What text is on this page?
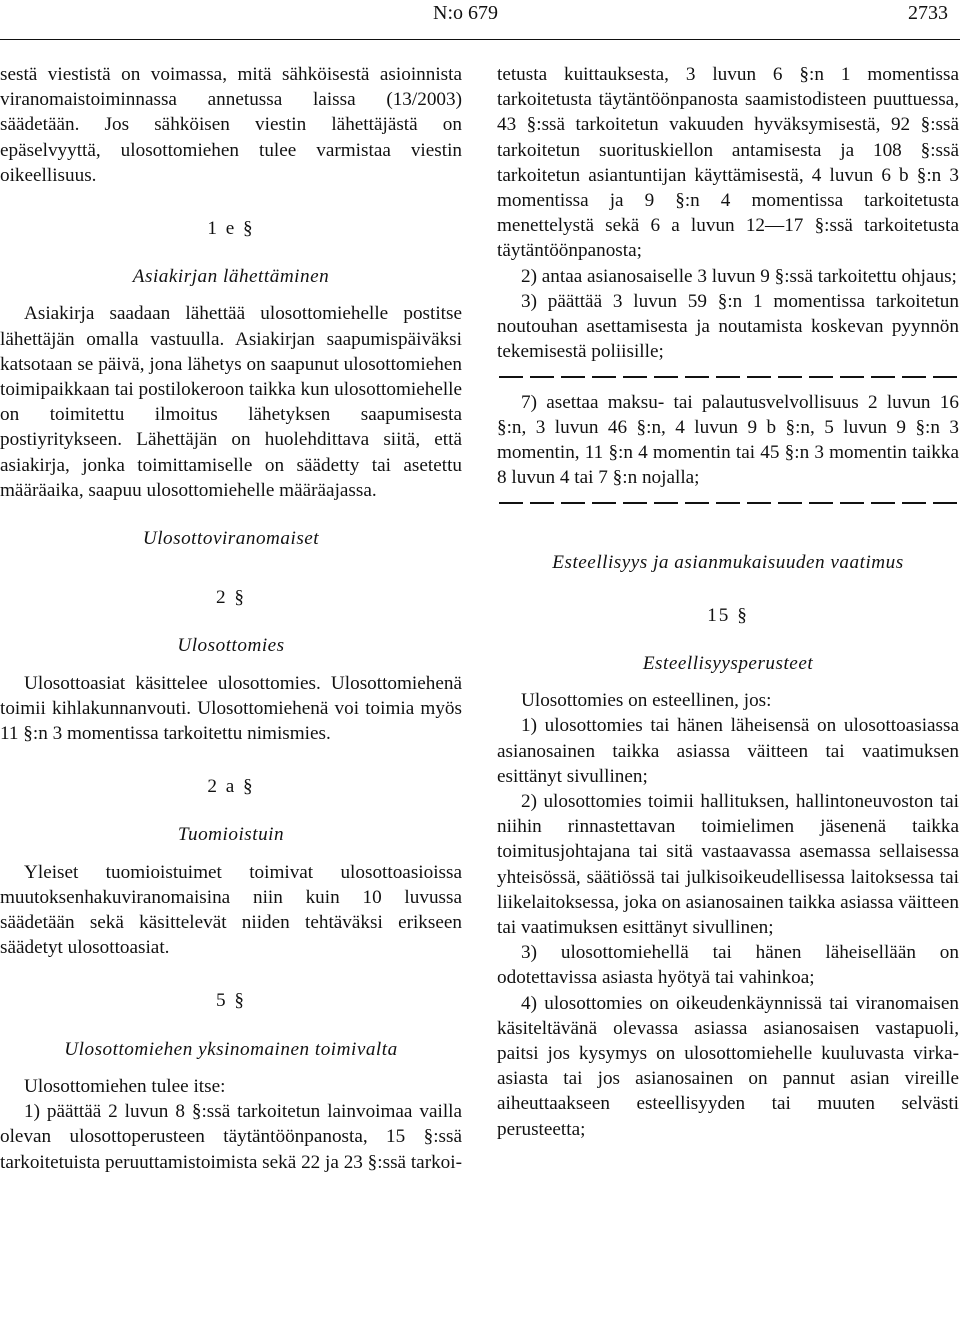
N:o 679	2733

sestä viestistä on voimassa, mitä sähköisestä asioinnista viranomaistoiminnassa annetussa laissa (13/2003) säädetään. Jos sähköisen viestin lähettäjästä on epäselvyyttä, ulosottomiehen tulee varmistaa viestin oikeellisuus.

1 e §

Asiakirjan lähettäminen

Asiakirja saadaan lähettää ulosottomiehelle postitse lähettäjän omalla vastuulla. Asiakirjan saapumispäiväksi katsotaan se päivä, jona lähetys on saapunut ulosottomiehen toimipaikkaan tai postilokeroon taikka kun ulosottomiehelle on toimitettu ilmoitus lähetyksen saapumisesta postiyritykseen. Lähettäjän on huolehdittava siitä, että asiakirja, jonka toimittamiselle on säädetty tai asetettu määräaika, saapuu ulosottomiehelle määräajassa.

Ulosottoviranomaiset

2 §

Ulosottomies

Ulosottoasiat käsittelee ulosottomies. Ulosottomiehenä toimii kihlakunnanvouti. Ulosottomiehenä voi toimia myös 11 §:n 3 momentissa tarkoitettu nimismies.

2 a §

Tuomioistuin

Yleiset tuomioistuimet toimivat ulosottoasioissa muutoksenhakuviranomaisina niin kuin 10 luvussa säädetään sekä käsittelevät niiden tehtäväksi erikseen säädetyt ulosottoasiat.

5 §

Ulosottomiehen yksinomainen toimivalta

Ulosottomiehen tulee itse:

1) päättää 2 luvun 8 §:ssä tarkoitetun lainvoimaa vailla olevan ulosottoperusteen täytäntöönpanosta, 15 §:ssä tarkoitetuista peruuttamistoimista sekä 22 ja 23 §:ssä tarkoi-

tetusta kuittauksesta, 3 luvun 6 §:n 1 momentissa tarkoitetusta täytäntöönpanosta saamistodisteen puuttuessa, 43 §:ssä tarkoitetun vakuuden hyväksymisestä, 92 §:ssä tarkoitetun suorituskiellon antamisesta ja 108 §:ssä tarkoitetun asiantuntijan käyttämisestä, 4 luvun 6 b §:n 3 momentissa ja 9 §:n 4 momentissa tarkoitetusta menettelystä sekä 6 a luvun 12—17 §:ssä tarkoitetusta täytäntöönpanosta;

2) antaa asianosaiselle 3 luvun 9 §:ssä tarkoitettu ohjaus;

3) päättää 3 luvun 59 §:n 1 momentissa tarkoitetun noutouhan asettamisesta ja noutamista koskevan pyynnön tekemisestä poliisille;

7) asettaa maksu- tai palautusvelvollisuus 2 luvun 16 §:n, 3 luvun 46 §:n, 4 luvun 9 b §:n, 5 luvun 9 §:n 3 momentin, 11 §:n 4 momentin tai 45 §:n 3 momentin taikka 8 luvun 4 tai 7 §:n nojalla;

Esteellisyys ja asianmukaisuuden vaatimus

15 §

Esteellisyysperusteet

Ulosottomies on esteellinen, jos:

1) ulosottomies tai hänen läheisensä on ulosottoasiassa asianosainen taikka asiassa väitteen tai vaatimuksen esittänyt sivullinen;

2) ulosottomies toimii hallituksen, hallintoneuvoston tai niihin rinnastettavan toimielimen jäsenenä taikka toimitusjohtajana tai sitä vastaavassa asemassa sellaisessa yhteisössä, säätiössä tai julkisoikeudellisessa laitoksessa tai liikelaitoksessa, joka on asianosainen taikka asiassa väitteen tai vaatimuksen esittänyt sivullinen;

3) ulosottomiehellä tai hänen läheisellään on odotettavissa asiasta hyötyä tai vahinkoa;

4) ulosottomies on oikeudenkäynnissä tai viranomaisen käsiteltävänä olevassa asiassa asianosaisen vastapuoli, paitsi jos kysymys on ulosottomiehelle kuuluvasta virka-asiasta tai jos asianosainen on pannut asian vireille aiheuttaakseen esteellisyyden tai muuten selvästi perusteetta;
